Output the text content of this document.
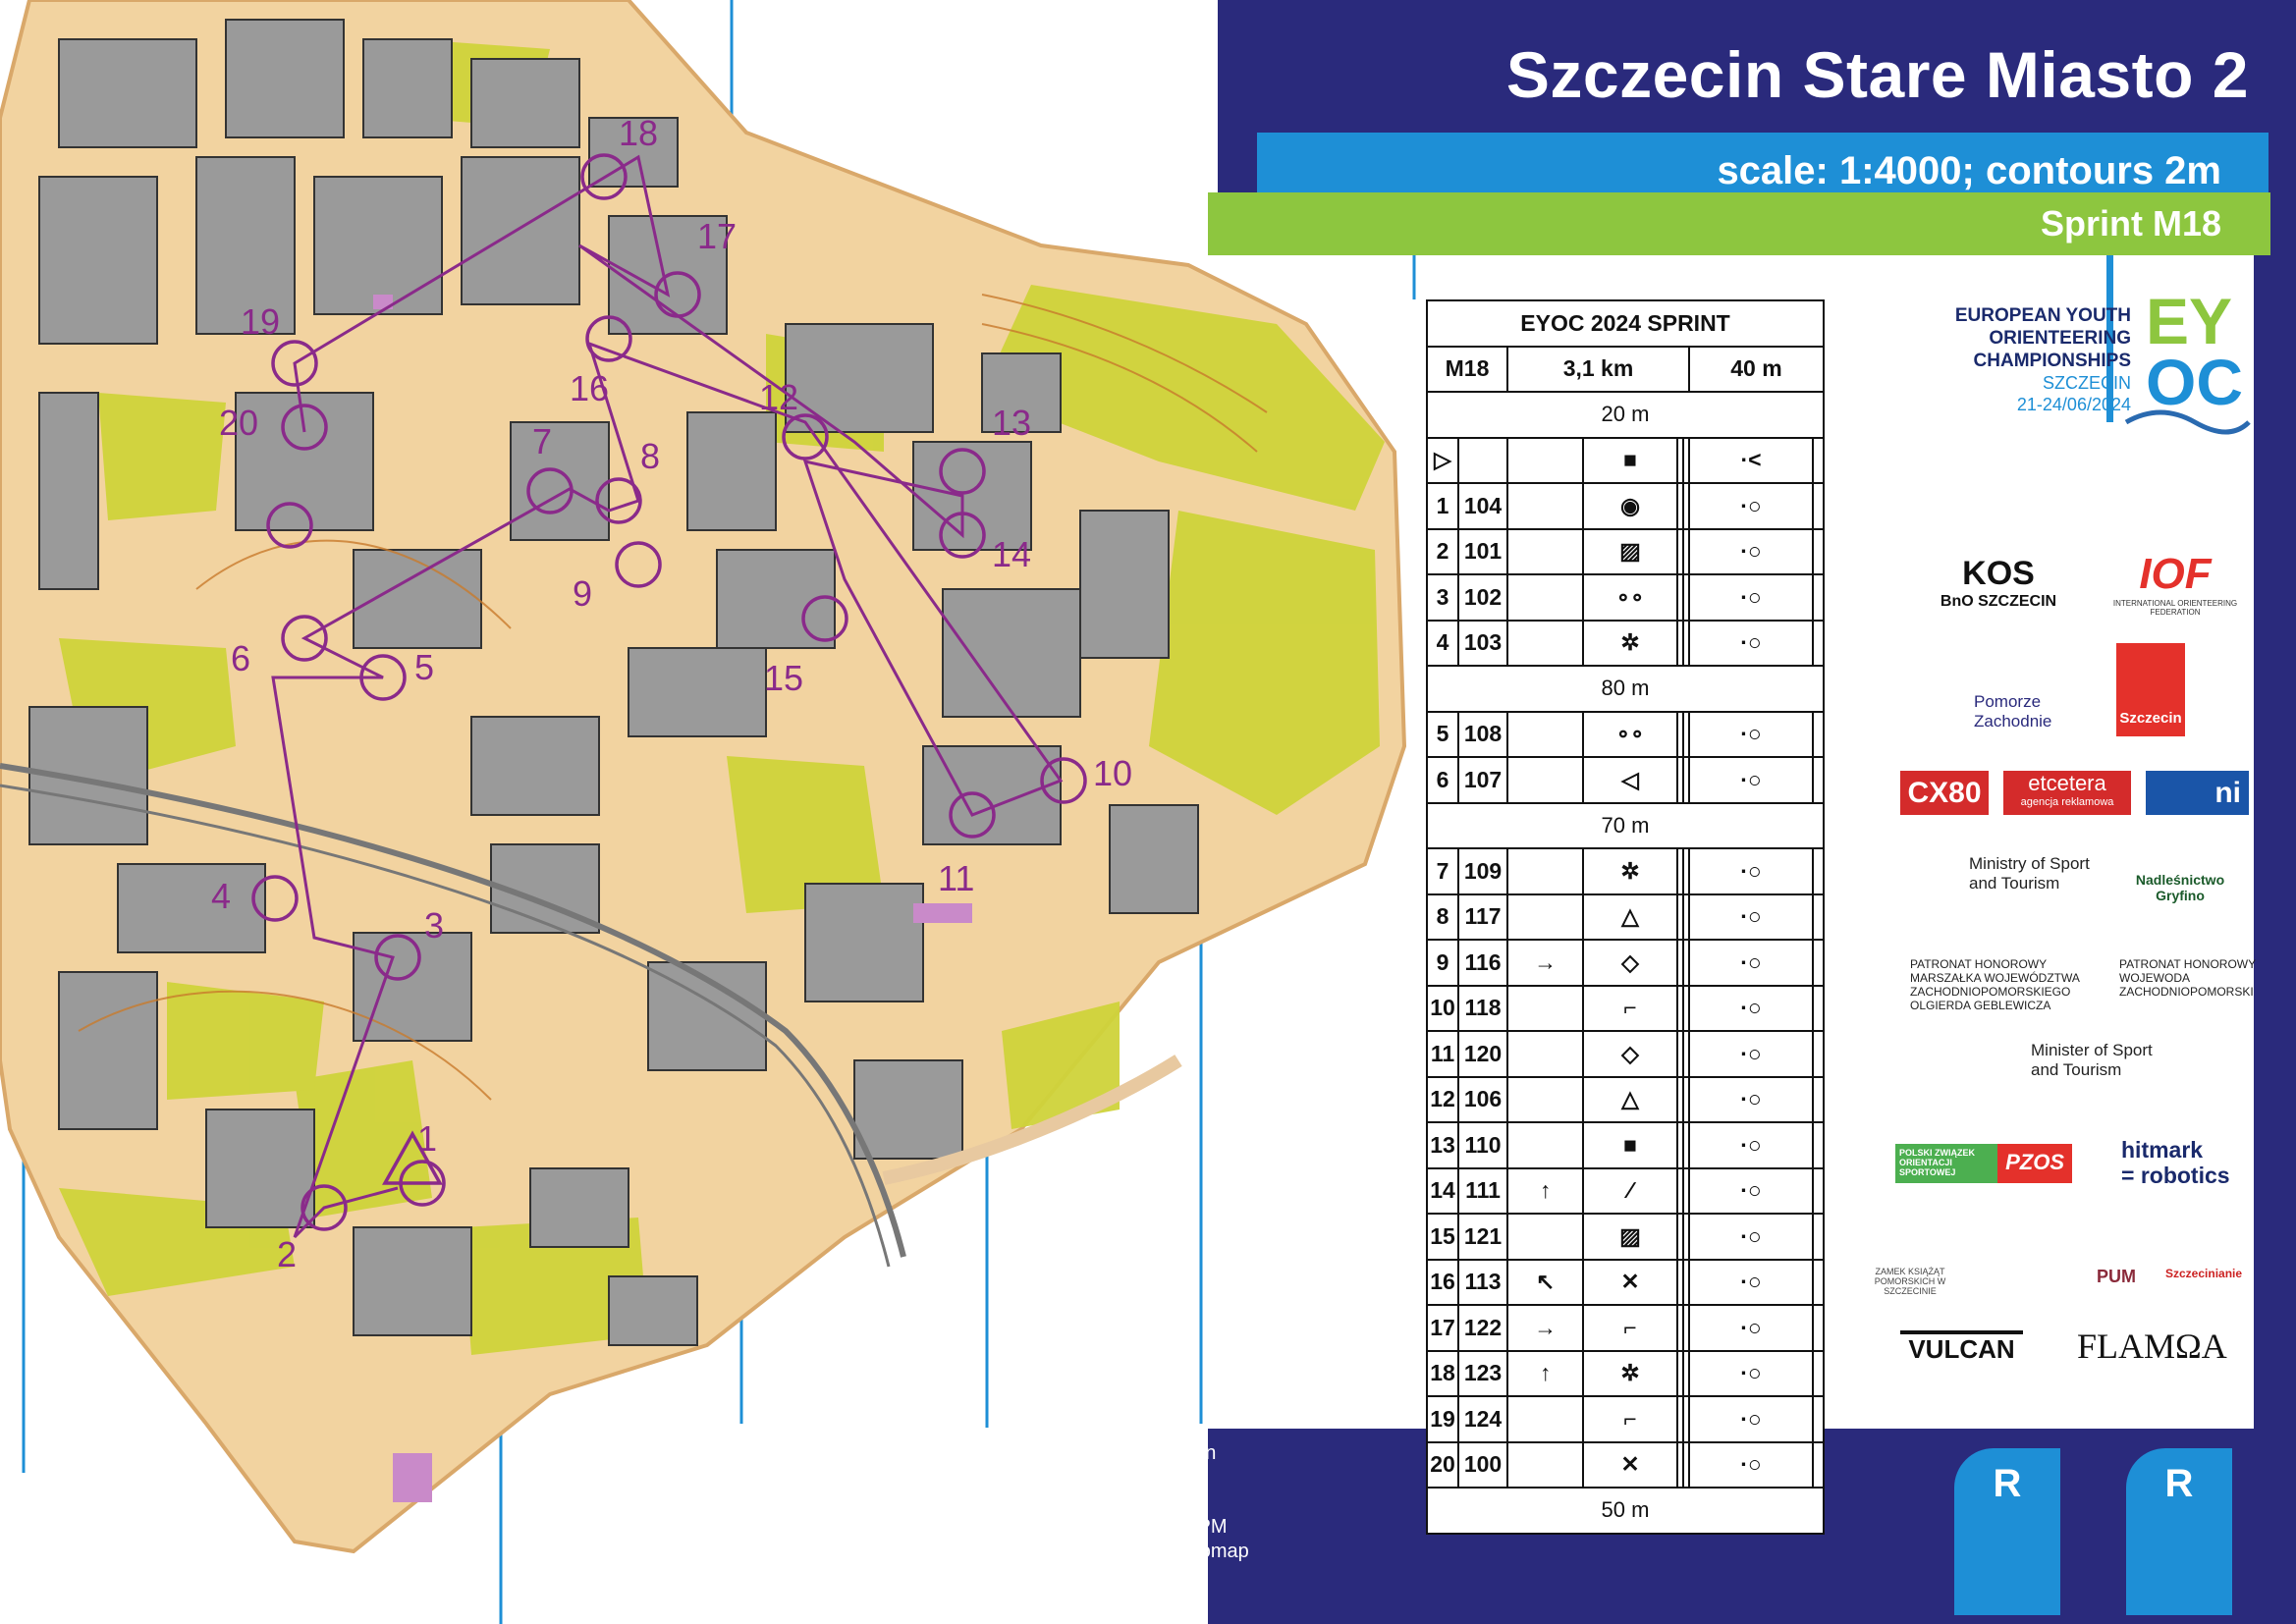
1
2
3
4
5
6
7 8
9
10
11
12
13
14
15
16
17
18
19
20
EY
OC
Szczecin Stare Miasto 2
scale: 1:4000; contours 2m
Sprint M18
EYOC 2024 SPRINT							
M18		3,1 km				40 m	
20 m							
▷			■			·<	
1	104		◉			·○	
2	101		▨			·○	
3	102		∘∘			·○	
4	103		✲			·○	
80 m							
5	108		∘∘			·○	
6	107		◁			·○	
70 m							
7	109		✲			·○	
8	117		△			·○	
9	116	→	◇			·○	
10	118		⌐			·○	
11	120		◇			·○	
12	106		△			·○	
13	110		■			·○	
14	111	↑	∕			·○	
15	121		▨			·○	
16	113	↖	✕			·○	
17	122	→	⌐			·○	
18	123	↑	✲			·○	
19	124		⌐			·○	
20	100		✕			·○	
50 m							
EUROPEAN YOUTH
ORIENTEERING
CHAMPIONSHIPS
SZCZECIN
21-24/06/2024
KOS
BnO SZCZECIN
IOF
INTERNATIONAL ORIENTEERING FEDERATION
Pomorze Zachodnie	Szczecin
CX80	etcetera
agencja reklamowa	ni
Ministry of Sport and Tourism	Nadleśnictwo Gryfino
PATRONAT HONOROWY MARSZAŁKA WOJEWÓDZTWA ZACHODNIOPOMORSKIEGO OLGIERDA GEBLEWICZA
PATRONAT HONOROWY WOJEWODA ZACHODNIOPOMORSKI
Minister of Sport and Tourism
POLSKI ZWIĄZEK ORIENTACJI SPORTOWEJ	PZOS	hitmark
= robotics
ZAMEK KSIĄŻĄT POMORSKICH W SZCZECINIE
PUM	Szczecinianie
VULCAN FLAMΩA
Owner
Mapmaker
Course setter
Map no.
Base map
Update
KOS BnO Szczecin
Rafał Podziński
Rafał Podziński
2024-047-2994-ZPM
LIDAR & ortophotomap
June 2024
R	R
